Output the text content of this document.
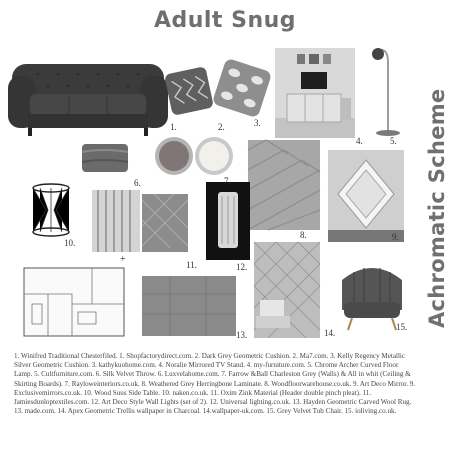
Adult Snug
Achromatic Scheme
+
1.	2.	3.
4.	5.
6.	7.
8.	9.
10.
11.	12.
13.	14.
15.
1. Winifred Traditional Chesterfiled. 1. Shopfactorydirect.com. 2. Dark Grey Geometric Cushion. 2. Ma7.com. 3. Kelly Regency Metallic Silver Geometric Cushion. 3. kathykuohome.com. 4. Noralie Mirrored TV Stand. 4. my-furniture.com. 5. Chrome Archer Curved Floor Lamp. 5. Cultfurniture.com. 6. Silk Velvet Throw. 6. Luxvelahome.com. 7. Farrow &Ball Charleston Grey (Walls) & All in whit (Ceiling & Skirting Boards). 7. Rayloweinteriors.co.uk. 8. Weathered Grey Herringbone Laminate. 8. Woodfloorwarehouse.co.uk. 9. Art Deco Mirror. 9. Exclusivemirrors.co.uk. 10. Wood Suus Side Table. 10. naken.co.uk. 11. Oxim Zink Material (Header double pinch pleat). 11. Jamiesdunloptextiles.com. 12. Art Deco Style Wall Lights (set of 2). 12. Universal lighting.co.uk. 13. Hayden Geometric Carved Wool Rug. 13. made.com. 14. Apex Geometric Trellis wallpaper in Charcoal. 14.wallpaper-uk.com. 15. Grey Velvet Tub Chair. 15. ioliving.co.uk.
